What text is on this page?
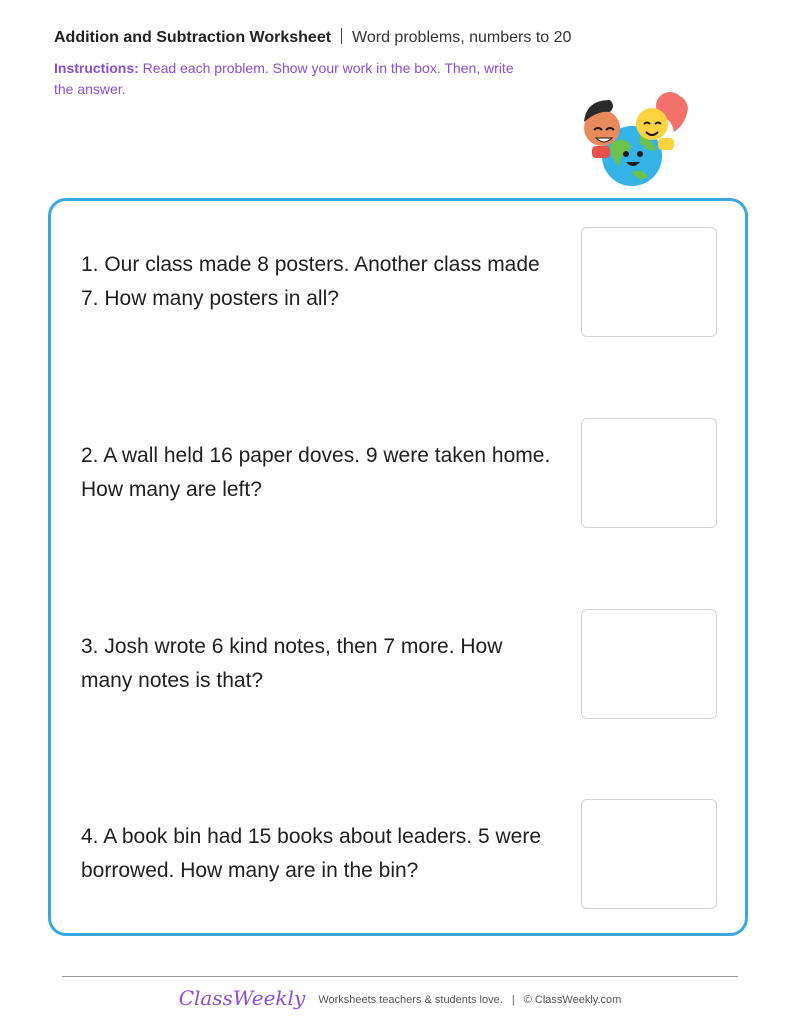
Addition and Subtraction Worksheet Word problems, numbers to 20
Instructions: Read each problem. Show your work in the box. Then, write the answer.
1. Our class made 8 posters. Another class made 7. How many posters in all?
2. A wall held 16 paper doves. 9 were taken home. How many are left?
3. Josh wrote 6 kind notes, then 7 more. How many notes is that?
4. A book bin had 15 books about leaders. 5 were borrowed. How many are in the bin?
ClassWeekly Worksheets teachers & students love. | © ClassWeekly.com
